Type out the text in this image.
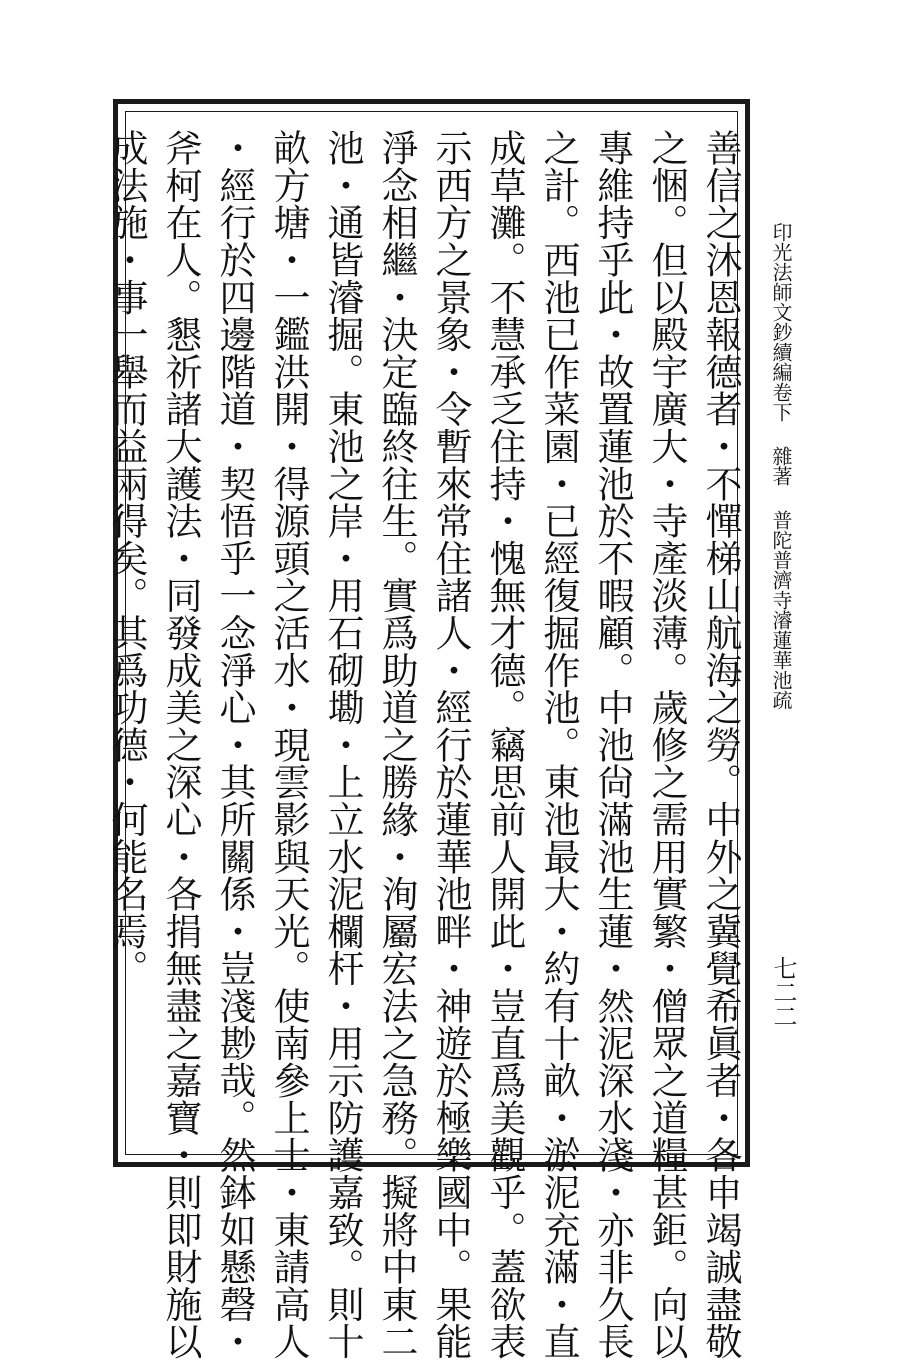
印光法師文鈔續編卷下雜著普陀普濟寺濬蓮華池疏
七二二
善信之沐恩報德者・不憚梯山航海之勞。中外之冀覺希眞者・各申竭誠盡敬
之悃。但以殿宇廣大・寺產淡薄。歲修之需用實繁・僧眾之道糧甚鉅。向以
專維持乎此・故置蓮池於不暇顧。中池尙滿池生蓮・然泥深水淺・亦非久長
之計。西池已作菜園・已經復掘作池。東池最大・約有十畝・淤泥充滿・直
成草灘。不慧承乏住持・愧無才德。竊思前人開此・豈直爲美觀乎。蓋欲表
示西方之景象・令暫來常住諸人・經行於蓮華池畔・神遊於極樂國中。果能
淨念相繼・決定臨終往生。實爲助道之勝緣・洵屬宏法之急務。擬將中東二
池・通皆濬掘。東池之岸・用石砌墈・上立水泥欄杆・用示防護嘉致。則十
畝方塘・一鑑洪開・得源頭之活水・現雲影與天光。使南參上士・東請高人
・經行於四邊階道・契悟乎一念淨心・其所關係・豈淺尠哉。然鉢如懸磬・
斧柯在人。懇祈諸大護法・同發成美之深心・各捐無盡之嘉寶・則即財施以
成法施・事一舉而益兩得矣。其爲功德・何能名焉。
